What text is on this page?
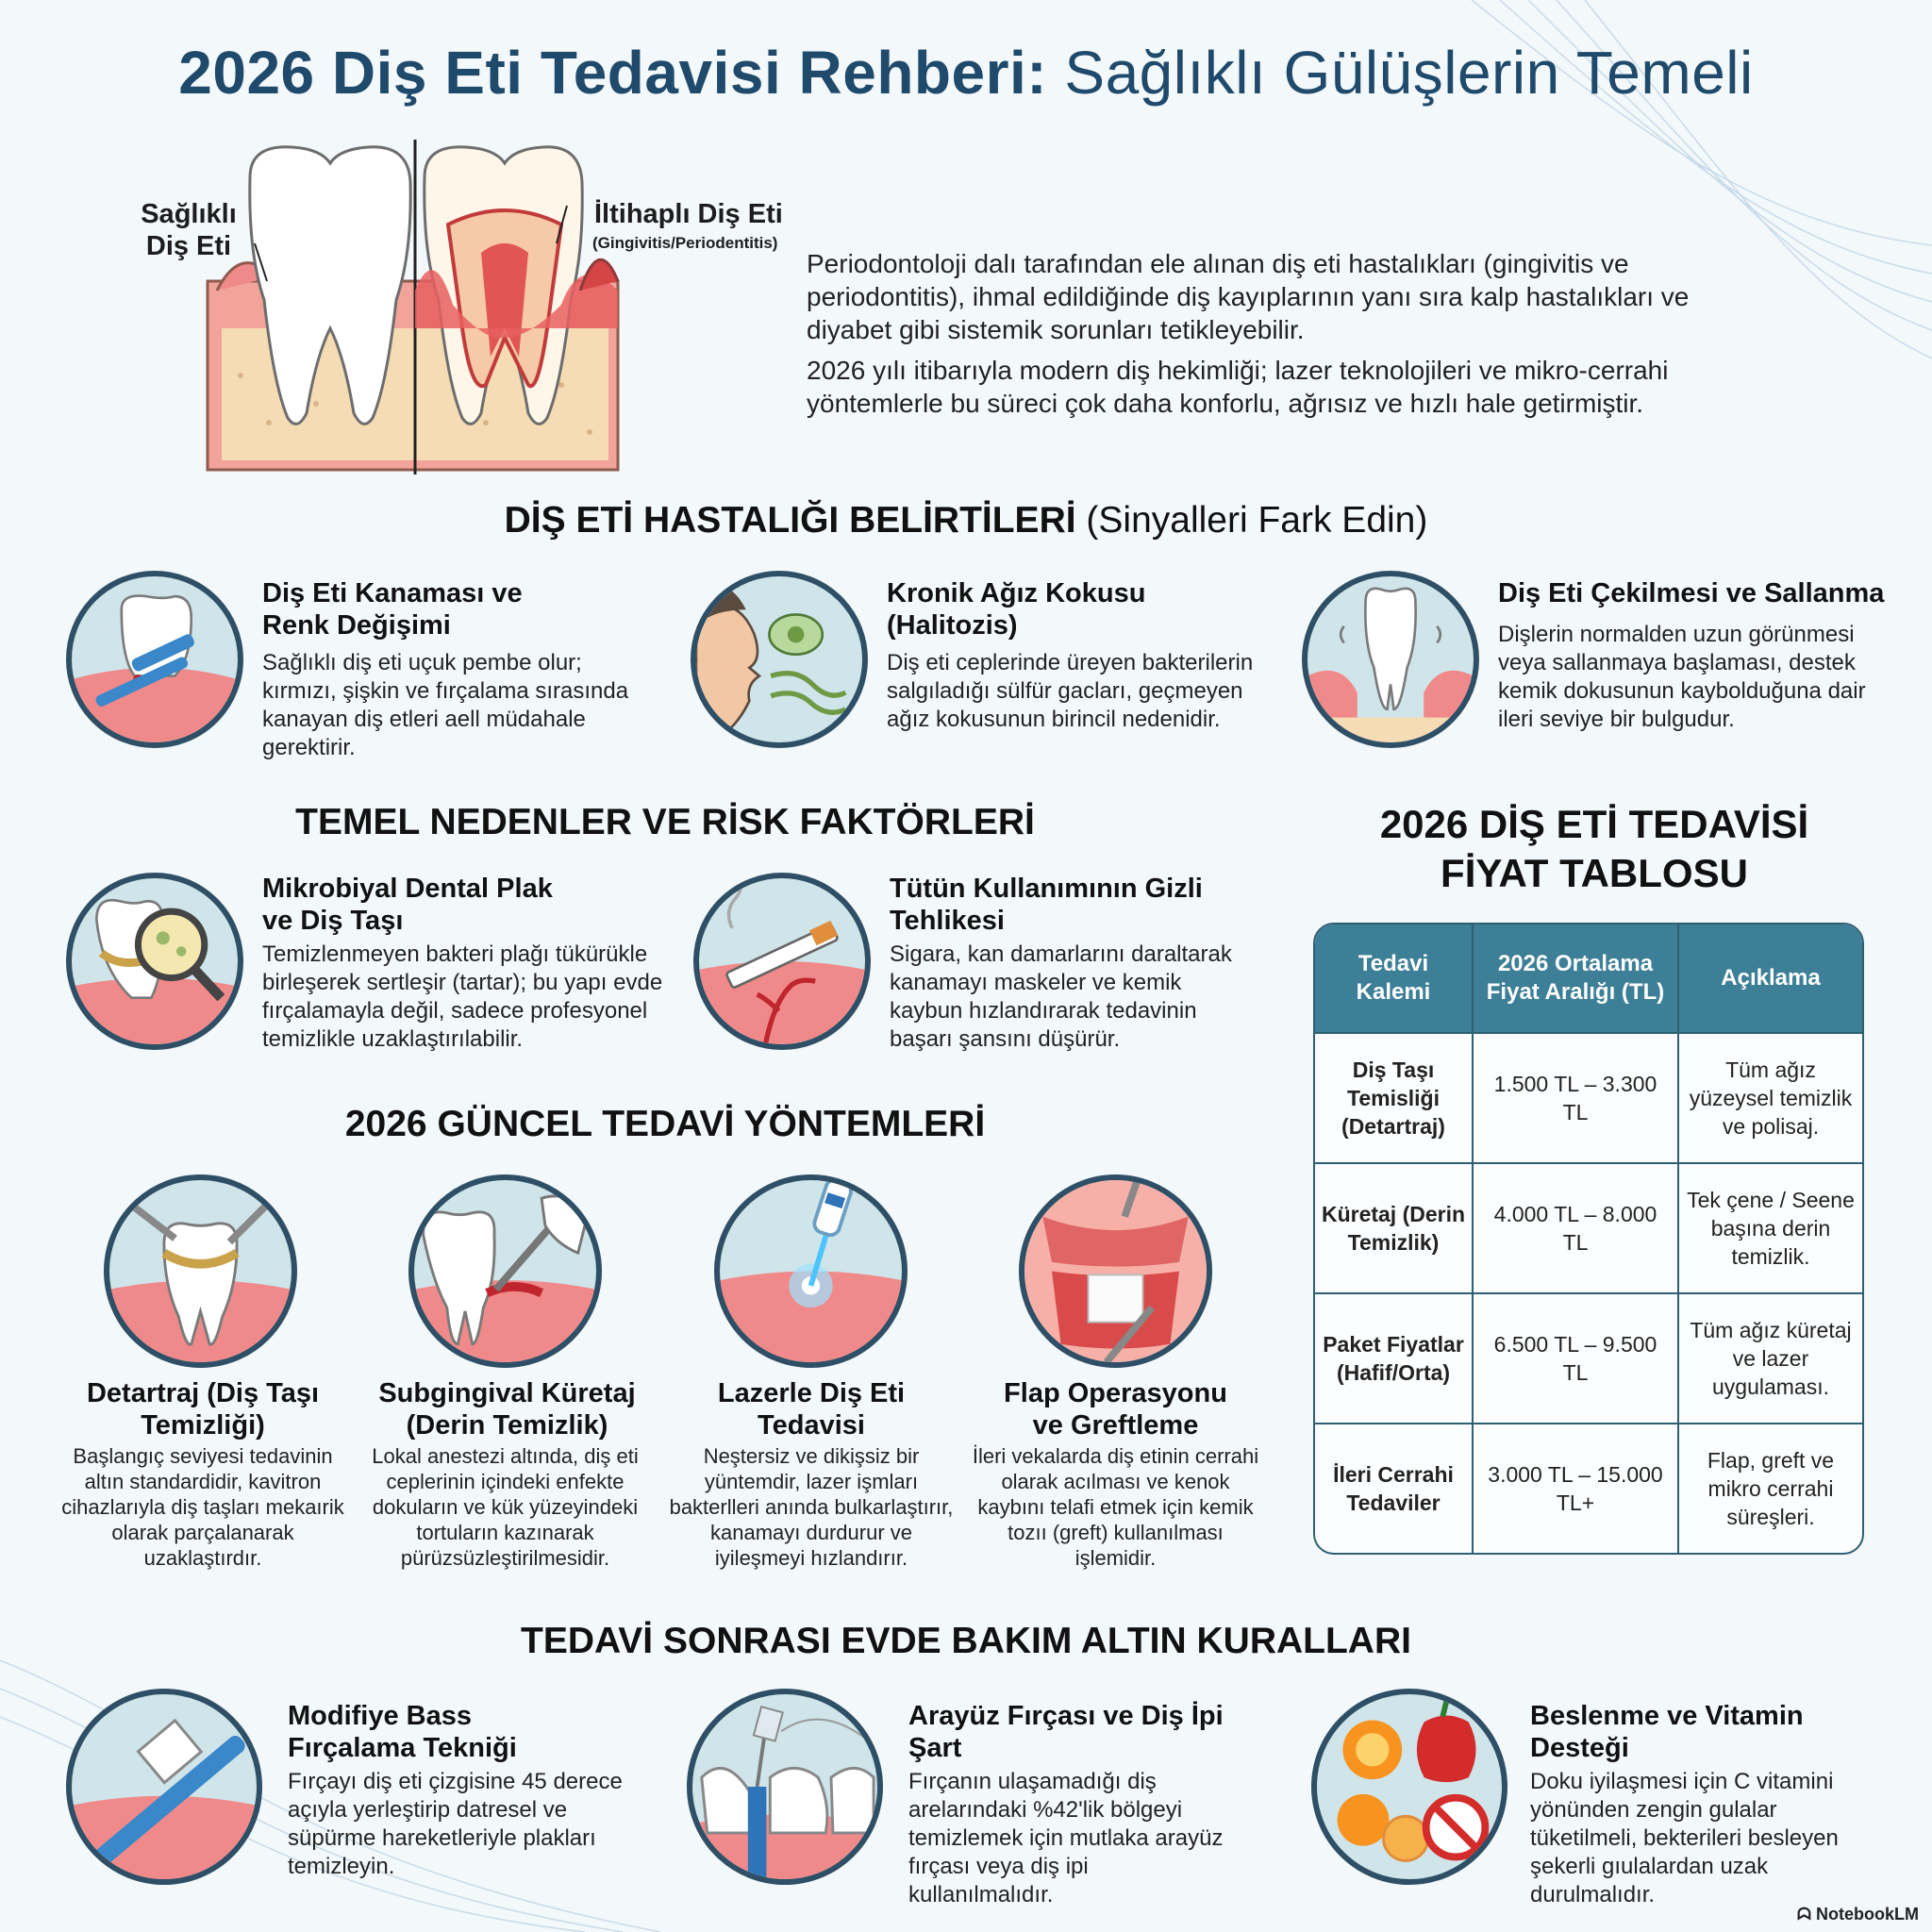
2026 Diş Eti Tedavisi Rehberi: Sağlıklı Gülüşlerin Temeli
Sağlıklı
Diş Eti
İltihaplı Diş Eti
(Gingivitis/Periodentitis)

Periodontoloji dalı tarafından ele alınan diş eti hastalıkları (gingivitis ve periodontitis), ihmal edildiğinde diş kayıplarının yanı sıra kalp hastalıkları ve diyabet gibi sistemik sorunları tetikleyebilir.

2026 yılı itibarıyla modern diş hekimliği; lazer teknolojileri ve mikro-cerrahi yöntemlerle bu süreci çok daha konforlu, ağrısız ve hızlı hale getirmiştir.

DİŞ ETİ HASTALIĞI BELİRTİLERİ (Sinyalleri Fark Edin)
Diş Eti Kanaması ve Renk Değişimi
Sağlıklı diş eti uçuk pembe olur; kırmızı, şişkin ve fırçalama sırasında kanayan diş etleri aell müdahale gerektirir.
Kronik Ağız Kokusu (Halitozis)
Diş eti ceplerinde üreyen bakterilerin salgıladığı sülfür gacları, geçmeyen ağız kokusunun birincil nedenidir.
Diş Eti Çekilmesi ve Sallanma
Dişlerin normalden uzun görünmesi veya sallanmaya başlaması, destek kemik dokusunun kaybolduğuna dair ileri seviye bir bulgudur.
TEMEL NEDENLER VE RİSK FAKTÖRLERİ
Mikrobiyal Dental Plak ve Diş Taşı
Temizlenmeyen bakteri plağı tükürükle birleşerek sertleşir (tartar); bu yapı evde fırçalamayla değil, sadece profesyonel temizlikle uzaklaştırılabilir.
Tütün Kullanımının Gizli Tehlikesi
Sigara, kan damarlarını daraltarak kanamayı maskeler ve kemik kaybun hızlandırarak tedavinin başarı şansını düşürür.
2026 GÜNCEL TEDAVİ YÖNTEMLERİ
Detartraj (Diş Taşı Temizliği)
Başlangıç seviyesi tedavinin altın standardidir, kavitron cihazlarıyla diş taşları mekaırik olarak parçalanarak uzaklaştırdır.
Subgingival Küretaj (Derin Temizlik)
Lokal anestezi altında, diş eti ceplerinin içindeki enfekte dokuların ve kük yüzeyindeki tortuların kazınarak pürüzsüzleştirilmesidir.
Lazerle Diş Eti Tedavisi
Neştersiz ve dikişsiz bir yüntemdir, lazer işmları bakterlleri anında bulkarlaştırır, kanamayı durdurur ve iyileşmeyi hızlandırır.
Flap Operasyonu ve Greftleme
İleri vekalarda diş etinin cerrahi olarak acılması ve kenok kaybını telafi etmek için kemik tozıı (greft) kullanılması işlemidir.
2026 DİŞ ETİ TEDAVİSİ
FİYAT TABLOSU
Tedavi Kalemi	2026 Ortalama Fiyat Aralığı (TL)	Açıklama
Diş Taşı Temisliği (Detartraj)	1.500 TL – 3.300 TL	Tüm ağız yüzeysel temizlik ve polisaj.
Küretaj (Derin Temizlik)	4.000 TL – 8.000 TL	Tek çene / Seene başına derin temizlik.
Paket Fiyatlar (Hafif/Orta)	6.500 TL – 9.500 TL	Tüm ağız küretaj ve lazer uygulaması.
İleri Cerrahi Tedaviler	3.000 TL – 15.000 TL+	Flap, greft ve mikro cerrahi süreşleri.
TEDAVİ SONRASI EVDE BAKIM ALTIN KURALLARI
Modifiye Bass Fırçalama Tekniği
Fırçayı diş eti çizgisine 45 derece açıyla yerleştirip datresel ve süpürme hareketleriyle plakları temizleyin.
Arayüz Fırçası ve Diş İpi Şart
Fırçanın ulaşamadığı diş arelarındaki %42'lik bölgeyi temizlemek için mutlaka arayüz fırçası veya diş ipi kullanılmalıdır.
Beslenme ve Vitamin Desteği
Doku iyilaşmesi için C vitamini yönünden zengin gulalar tüketilmeli, bekterileri besleyen şekerli gıulalardan uzak durulmalıdır.
ᗣ NotebookLM
